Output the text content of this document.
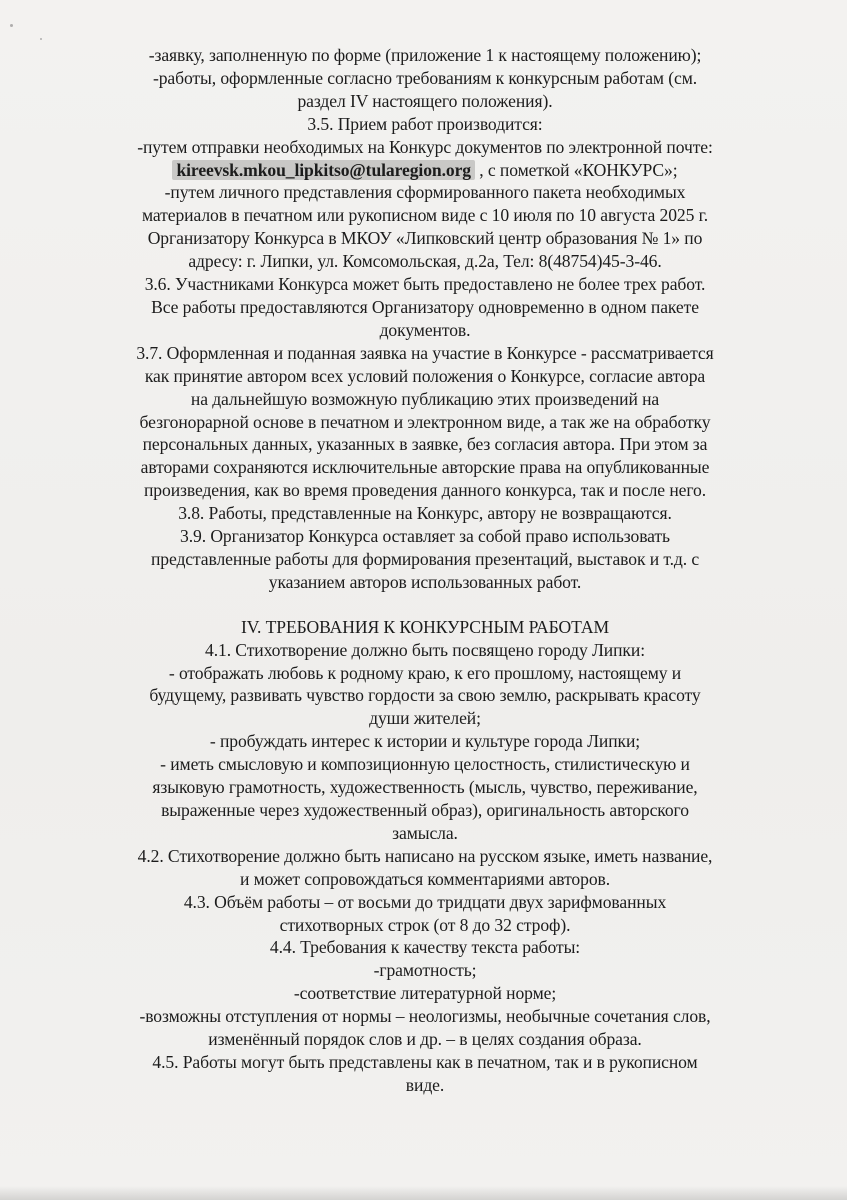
-заявку, заполненную по форме (приложение 1 к настоящему положению);
-работы, оформленные согласно требованиям к конкурсным работам (см.
раздел IV настоящего положения).
3.5. Прием работ производится:
-путем отправки необходимых на Конкурс документов по электронной почте:
kireevsk.mkou_lipkitso@tularegion.org , с пометкой «КОНКУРС»;
-путем личного представления сформированного пакета необходимых
материалов в печатном или рукописном виде с 10 июля по 10 августа 2025 г.
Организатору Конкурса в МКОУ «Липковский центр образования № 1» по
адресу: г. Липки, ул. Комсомольская, д.2а, Тел: 8(48754)45-3-46.
3.6. Участниками Конкурса может быть предоставлено не более трех работ.
Все работы предоставляются Организатору одновременно в одном пакете
документов.
3.7. Оформленная и поданная заявка на участие в Конкурсе - рассматривается
как принятие автором всех условий положения о Конкурсе, согласие автора
на дальнейшую возможную публикацию этих произведений на
безгонорарной основе в печатном и электронном виде, а так же на обработку
персональных данных, указанных в заявке, без согласия автора. При этом за
авторами сохраняются исключительные авторские права на опубликованные
произведения, как во время проведения данного конкурса, так и после него.
3.8. Работы, представленные на Конкурс, автору не возвращаются.
3.9. Организатор Конкурса оставляет за собой право использовать
представленные работы для формирования презентаций, выставок и т.д. с
указанием авторов использованных работ.
IV. ТРЕБОВАНИЯ К КОНКУРСНЫМ РАБОТАМ
4.1. Стихотворение должно быть посвящено городу Липки:
- отображать любовь к родному краю, к его прошлому, настоящему и
будущему, развивать чувство гордости за свою землю, раскрывать красоту
души жителей;
- пробуждать интерес к истории и культуре города Липки;
- иметь смысловую и композиционную целостность, стилистическую и
языковую грамотность, художественность (мысль, чувство, переживание,
выраженные через художественный образ), оригинальность авторского
замысла.
4.2. Стихотворение должно быть написано на русском языке, иметь название,
и может сопровождаться комментариями авторов.
4.3. Объём работы – от восьми до тридцати двух зарифмованных
стихотворных строк (от 8 до 32 строф).
4.4. Требования к качеству текста работы:
-грамотность;
-соответствие литературной норме;
-возможны отступления от нормы – неологизмы, необычные сочетания слов,
изменённый порядок слов и др. – в целях создания образа.
4.5. Работы могут быть представлены как в печатном, так и в рукописном
виде.
